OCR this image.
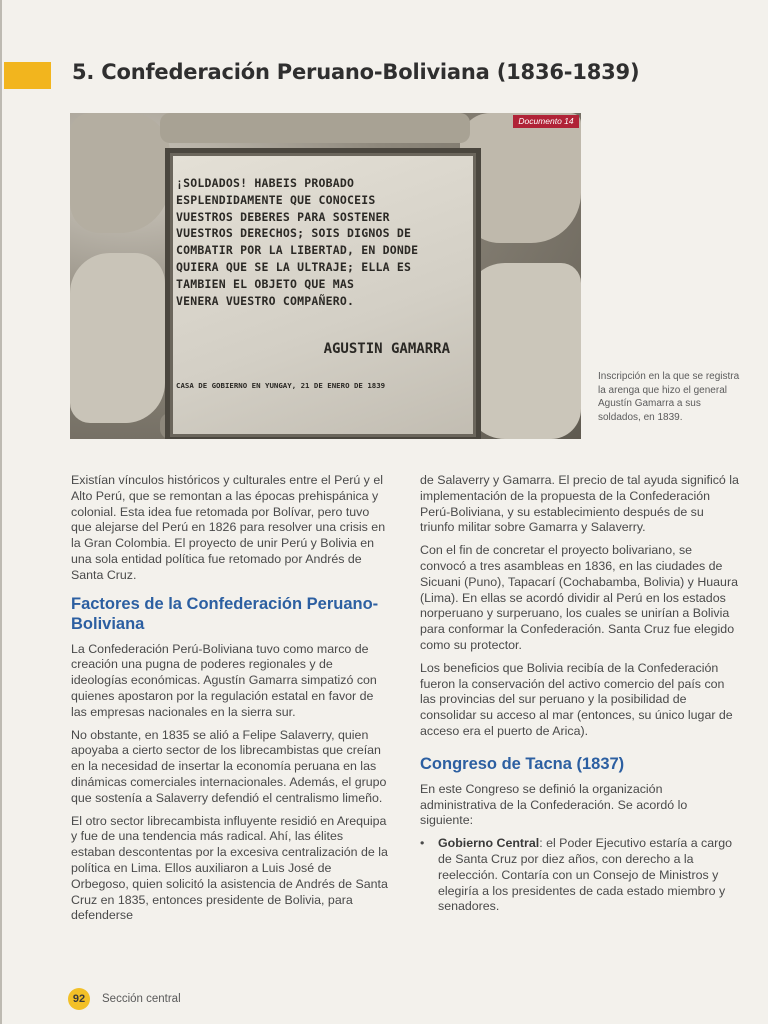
5. Confederación Peruano-Boliviana (1836-1839)
¡SOLDADOS! HABEIS PROBADO
ESPLENDIDAMENTE QUE CONOCEIS
VUESTROS DEBERES PARA SOSTENER
VUESTROS DERECHOS; SOIS DIGNOS DE
COMBATIR POR LA LIBERTAD, EN DONDE
QUIERA QUE SE LA ULTRAJE; ELLA ES
TAMBIEN EL OBJETO QUE MAS
VENERA VUESTRO COMPAÑERO.
AGUSTIN GAMARRA
CASA DE GOBIERNO EN YUNGAY, 21 DE ENERO DE 1839
Documento 14
Inscripción en la que se registra la arenga que hizo el general Agustín Gamarra a sus soldados, en 1839.

Existían vínculos históricos y culturales entre el Perú y el Alto Perú, que se remontan a las épocas prehispánica y colonial. Esta idea fue retomada por Bolívar, pero tuvo que alejarse del Perú en 1826 para resolver una crisis en la Gran Colombia. El proyecto de unir Perú y Bolivia en una sola entidad política fue retomado por Andrés de Santa Cruz.

Factores de la Confederación Peruano-Boliviana

La Confederación Perú-Boliviana tuvo como marco de creación una pugna de poderes regionales y de ideologías económicas. Agustín Gamarra simpatizó con quienes apostaron por la regulación estatal en favor de las empresas nacionales en la sierra sur.

No obstante, en 1835 se alió a Felipe Salaverry, quien apoyaba a cierto sector de los librecambistas que creían en la necesidad de insertar la economía peruana en las dinámicas comerciales internacionales. Además, el grupo que sostenía a Salaverry defendió el centralismo limeño.

El otro sector librecambista influyente residió en Arequipa y fue de una tendencia más radical. Ahí, las élites estaban descontentas por la excesiva centralización de la política en Lima. Ellos auxiliaron a Luis José de Orbegoso, quien solicitó la asistencia de Andrés de Santa Cruz en 1835, entonces presidente de Bolivia, para defenderse

de Salaverry y Gamarra. El precio de tal ayuda significó la implementación de la propuesta de la Confederación Perú-Boliviana, y su establecimiento después de su triunfo militar sobre Gamarra y Salaverry.

Con el fin de concretar el proyecto bolivariano, se convocó a tres asambleas en 1836, en las ciudades de Sicuani (Puno), Tapacarí (Cochabamba, Bolivia) y Huaura (Lima). En ellas se acordó dividir al Perú en los estados norperuano y surperuano, los cuales se unirían a Bolivia para conformar la Confederación. Santa Cruz fue elegido como su protector.

Los beneficios que Bolivia recibía de la Confederación fueron la conservación del activo comercio del país con las provincias del sur peruano y la posibilidad de consolidar su acceso al mar (entonces, su único lugar de acceso era el puerto de Arica).

Congreso de Tacna (1837)

En este Congreso se definió la organización administrativa de la Confederación. Se acordó lo siguiente:

•	Gobierno Central: el Poder Ejecutivo estaría a cargo de Santa Cruz por diez años, con derecho a la reelección. Contaría con un Consejo de Ministros y elegiría a los presidentes de cada estado miembro y senadores.
92	Sección central
